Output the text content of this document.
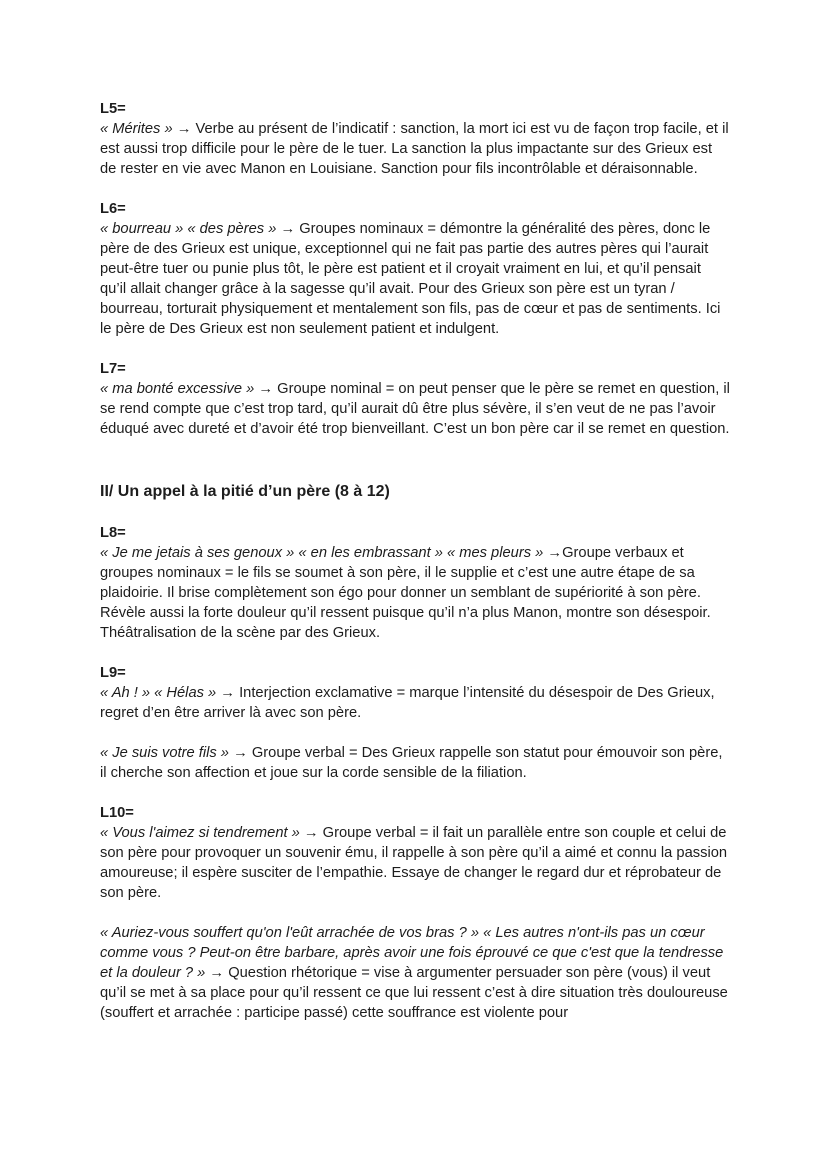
L5=

« Mérites » → Verbe au présent de l’indicatif : sanction, la mort ici est vu de façon trop facile, et il est aussi trop difficile pour le père de le tuer. La sanction la plus impactante sur des Grieux est de rester en vie avec Manon en Louisiane. Sanction pour fils incontrôlable et déraisonnable.

L6=

« bourreau » « des pères » → Groupes nominaux = démontre la généralité des pères, donc le père de des Grieux est unique, exceptionnel qui ne fait pas partie des autres pères qui l’aurait peut-être tuer ou punie plus tôt, le père est patient et il croyait vraiment en lui, et qu’il pensait qu’il allait changer grâce à la sagesse qu’il avait. Pour des Grieux son père est un tyran / bourreau, torturait physiquement et mentalement son fils, pas de cœur et pas de sentiments. Ici le père de Des Grieux est non seulement patient et indulgent.

L7=

« ma bonté excessive » → Groupe nominal = on peut penser que le père se remet en question, il se rend compte que c’est trop tard, qu’il aurait dû être plus sévère, il s’en veut de ne pas l’avoir éduqué avec dureté et d’avoir été trop bienveillant. C’est un bon père car il se remet en question.

II/ Un appel à la pitié d’un père (8 à 12)

L8=

« Je me jetais à ses genoux » « en les embrassant » « mes pleurs » →Groupe verbaux et groupes nominaux = le fils se soumet à son père, il le supplie et c’est une autre étape de sa plaidoirie. Il brise complètement son égo pour donner un semblant de supériorité à son père. Révèle aussi la forte douleur qu’il ressent puisque qu’il n’a plus Manon, montre son désespoir. Théâtralisation de la scène par des Grieux.

L9=

« Ah ! » « Hélas » → Interjection exclamative = marque l’intensité du désespoir de Des Grieux, regret d’en être arriver là avec son père.

« Je suis votre fils » → Groupe verbal = Des Grieux rappelle son statut pour émouvoir son père, il cherche son affection et joue sur la corde sensible de la filiation.

L10=

« Vous l'aimez si tendrement » → Groupe verbal = il fait un parallèle entre son couple et celui de son père pour provoquer un souvenir ému, il rappelle à son père qu’il a aimé et connu la passion amoureuse; il espère susciter de l’empathie. Essaye de changer le regard dur et réprobateur de son père.

« Auriez-vous souffert qu'on l'eût arrachée de vos bras ? » « Les autres n'ont-ils pas un cœur comme vous ? Peut-on être barbare, après avoir une fois éprouvé ce que c'est que la tendresse et la douleur ? » → Question rhétorique = vise à argumenter persuader son père (vous) il veut qu’il se met à sa place pour qu’il ressent ce que lui ressent c’est à dire situation très douloureuse (souffert et arrachée : participe passé) cette souffrance est violente pour
